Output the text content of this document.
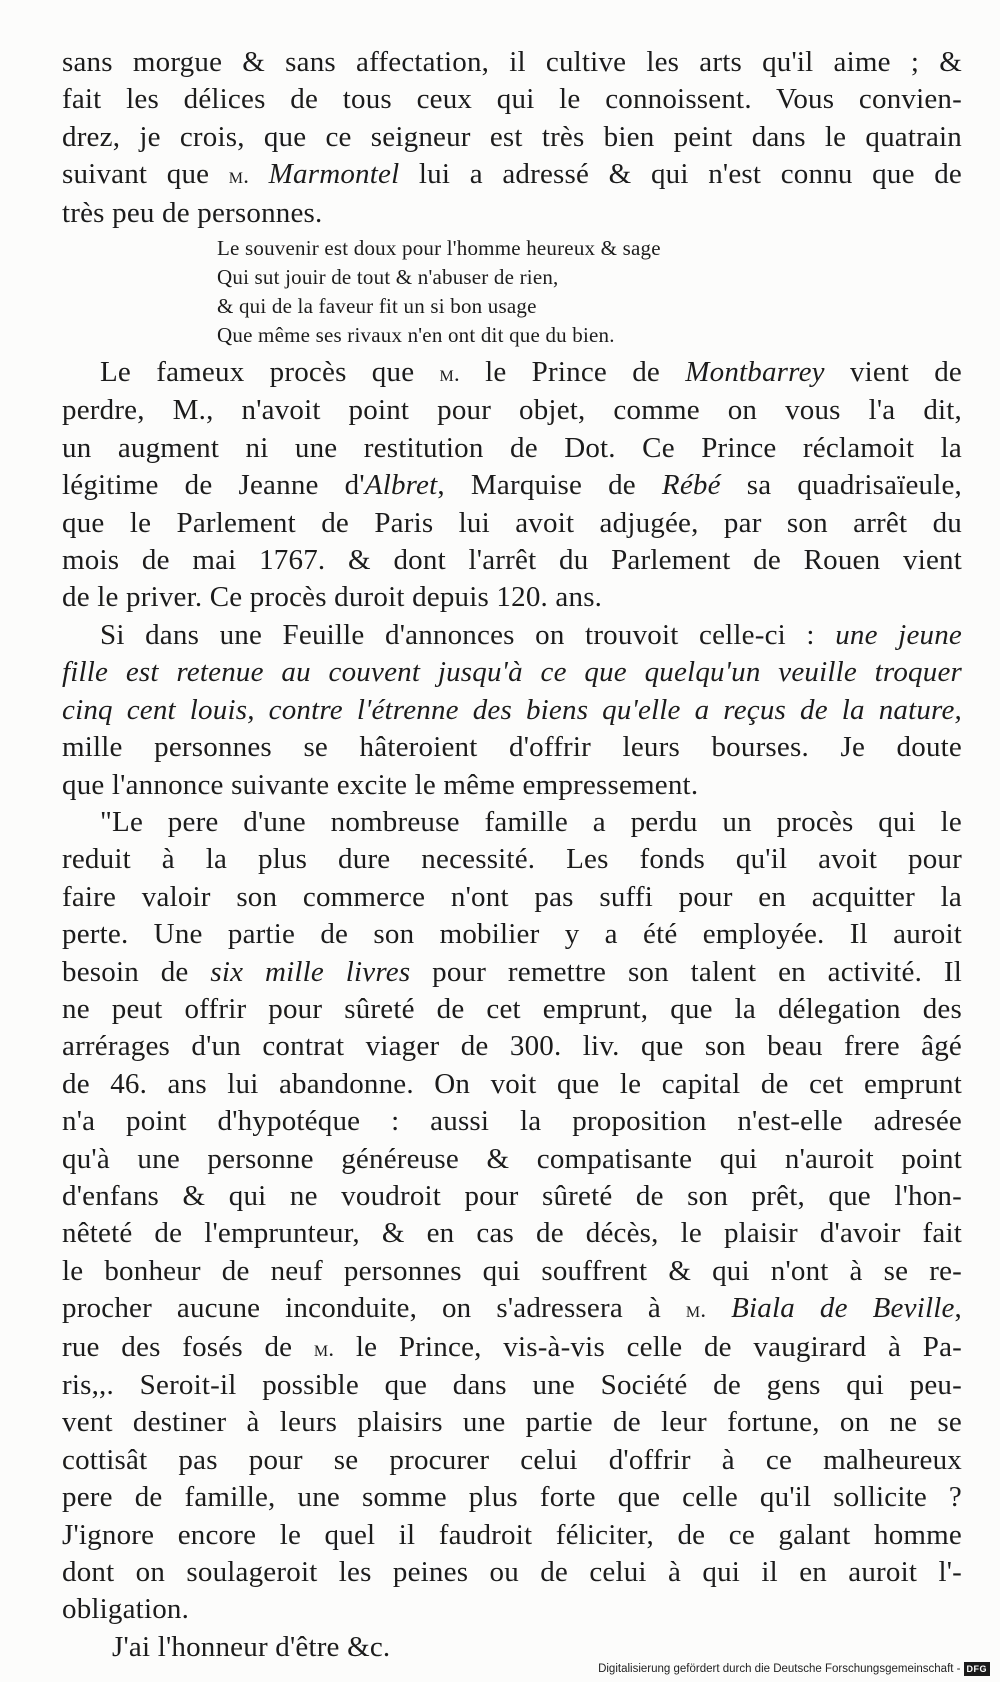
sans morgue & sans affectation, il cultive les arts qu'il aime ; &
fait les délices de tous ceux qui le connoissent. Vous convien-
drez, je crois, que ce seigneur est très bien peint dans le quatrain
suivant que m. Marmontel lui a adressé & qui n'est connu que de
très peu de personnes.
Le souvenir est doux pour l'homme heureux & sage
Qui sut jouir de tout & n'abuser de rien,
& qui de la faveur fit un si bon usage
Que même ses rivaux n'en ont dit que du bien.
Le fameux procès que m. le Prince de Montbarrey vient de
perdre, M., n'avoit point pour objet, comme on vous l'a dit,
un augment ni une restitution de Dot. Ce Prince réclamoit la
légitime de Jeanne d'Albret, Marquise de Rébé sa quadrisaïeule,
que le Parlement de Paris lui avoit adjugée, par son arrêt du
mois de mai 1767. & dont l'arrêt du Parlement de Rouen vient
de le priver. Ce procès duroit depuis 120. ans.
Si dans une Feuille d'annonces on trouvoit celle-ci : une jeune
fille est retenue au couvent jusqu'à ce que quelqu'un veuille troquer
cinq cent louis, contre l'étrenne des biens qu'elle a reçus de la nature,
mille personnes se hâteroient d'offrir leurs bourses. Je doute
que l'annonce suivante excite le même empressement.
"Le pere d'une nombreuse famille a perdu un procès qui le
reduit à la plus dure necessité. Les fonds qu'il avoit pour
faire valoir son commerce n'ont pas suffi pour en acquitter la
perte. Une partie de son mobilier y a été employée. Il auroit
besoin de six mille livres pour remettre son talent en activité. Il
ne peut offrir pour sûreté de cet emprunt, que la délegation des
arrérages d'un contrat viager de 300. liv. que son beau frere âgé
de 46. ans lui abandonne. On voit que le capital de cet emprunt
n'a point d'hypotéque : aussi la proposition n'est-elle adresée
qu'à une personne généreuse & compatisante qui n'auroit point
d'enfans & qui ne voudroit pour sûreté de son prêt, que l'hon-
nêteté de l'emprunteur, & en cas de décès, le plaisir d'avoir fait
le bonheur de neuf personnes qui souffrent & qui n'ont à se re-
procher aucune inconduite, on s'adressera à m. Biala de Beville,
rue des fosés de m. le Prince, vis-à-vis celle de vaugirard à Pa-
ris,,. Seroit-il possible que dans une Société de gens qui peu-
vent destiner à leurs plaisirs une partie de leur fortune, on ne se
cottisât pas pour se procurer celui d'offrir à ce malheureux
pere de famille, une somme plus forte que celle qu'il sollicite ?
J'ignore encore le quel il faudroit féliciter, de ce galant homme
dont on soulageroit les peines ou de celui à qui il en auroit l'-
obligation.
J'ai l'honneur d'être &c.
Digitalisierung gefördert durch die Deutsche Forschungsgemeinschaft - DFG
